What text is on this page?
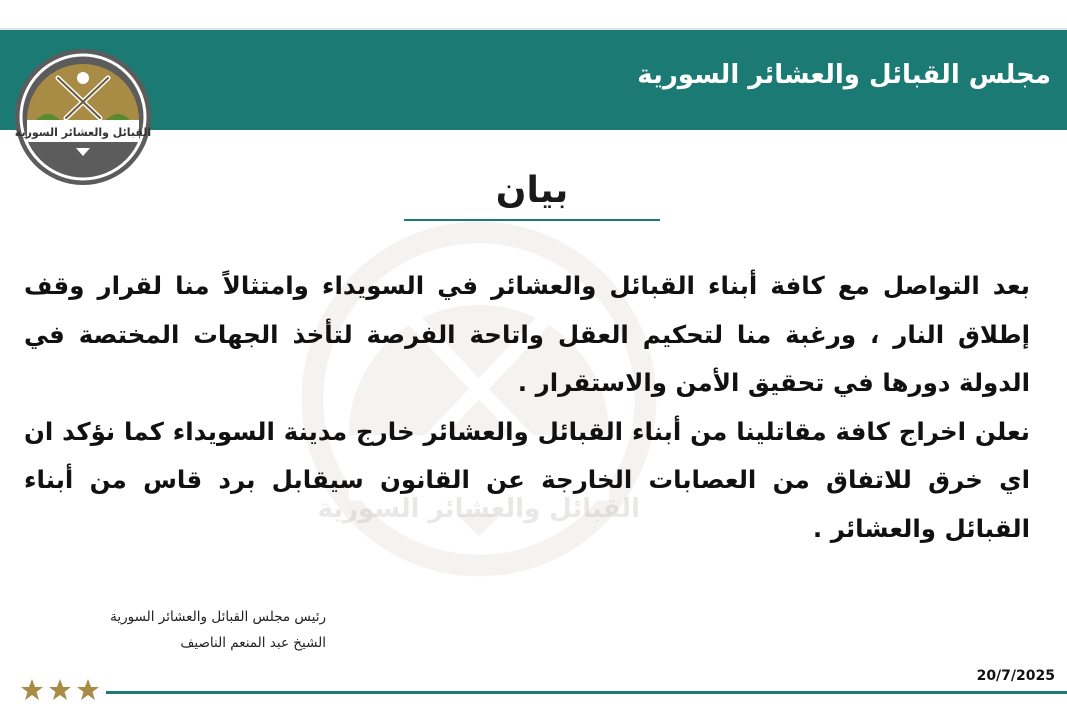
القبائل والعشائر السورية
مجلس القبائل والعشائر السورية
القبائل والعشائر السورية
بيان

بعد التواصل مع كافة أبناء القبائل والعشائر في السويداء وامتثالاً منا لقرار وقف إطلاق النار ، ورغبة منا لتحكيم العقل واتاحة الفرصة لتأخذ الجهات المختصة في الدولة دورها في تحقيق الأمن والاستقرار .

نعلن اخراج كافة مقاتلينا من أبناء القبائل والعشائر خارج مدينة السويداء كما نؤكد ان اي خرق للاتفاق من العصابات الخارجة عن القانون سيقابل برد قاس من أبناء القبائل والعشائر .

رئيس مجلس القبائل والعشائر السورية
الشيخ عبد المنعم الناصيف
20/7/2025
